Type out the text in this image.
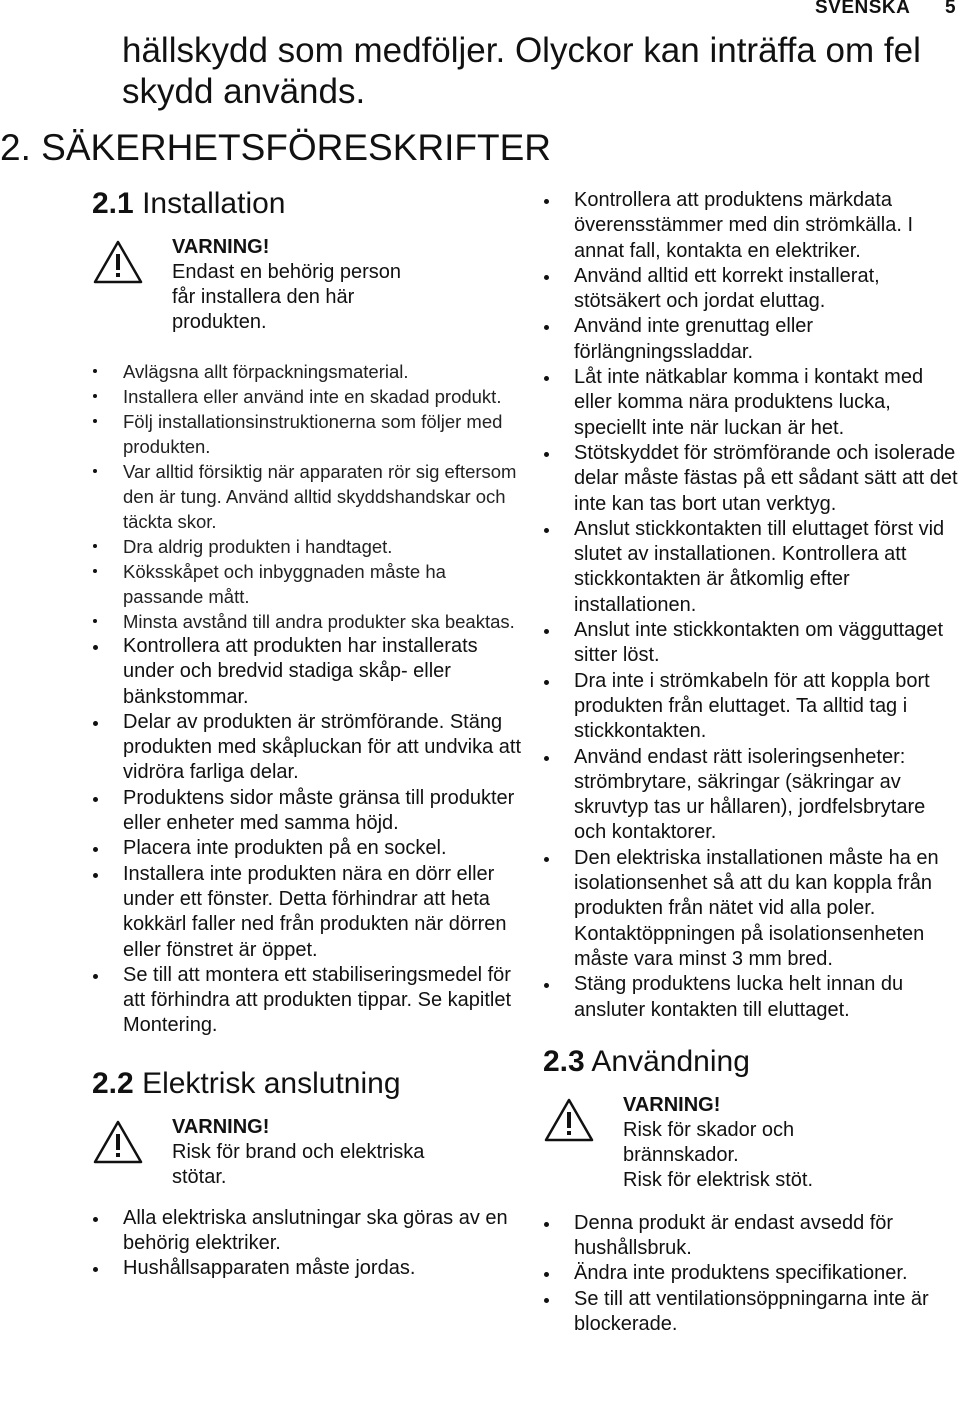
SVENSKA 5
hällskydd som medföljer. Olyckor kan inträffa om fel skydd används.
2. SÄKERHETSFÖRESKRIFTER
2.1 Installation
VARNING!
Endast en behörig person
får installera den här
produkten.
Avlägsna allt förpackningsmaterial.
Installera eller använd inte en skadad produkt.
Följ installationsinstruktionerna som följer med produkten.
Var alltid försiktig när apparaten rör sig eftersom den är tung. Använd alltid skyddshandskar och täckta skor.
Dra aldrig produkten i handtaget.
Köksskåpet och inbyggnaden måste ha passande mått.
Minsta avstånd till andra produkter ska beaktas.
Kontrollera att produkten har installerats under och bredvid stadiga skåp- eller bänkstommar.
Delar av produkten är strömförande. Stäng produkten med skåpluckan för att undvika att vidröra farliga delar.
Produktens sidor måste gränsa till produkter eller enheter med samma höjd.
Placera inte produkten på en sockel.
Installera inte produkten nära en dörr eller under ett fönster. Detta förhindrar att heta kokkärl faller ned från produkten när dörren eller fönstret är öppet.
Se till att montera ett stabiliseringsmedel för att förhindra att produkten tippar. Se kapitlet Montering.
2.2 Elektrisk anslutning
VARNING!
Risk för brand och elektriska
stötar.
Alla elektriska anslutningar ska göras av en behörig elektriker.
Hushållsapparaten måste jordas.
Kontrollera att produktens märkdata överensstämmer med din strömkälla. I annat fall, kontakta en elektriker.
Använd alltid ett korrekt installerat, stötsäkert och jordat eluttag.
Använd inte grenuttag eller förlängningssladdar.
Låt inte nätkablar komma i kontakt med eller komma nära produktens lucka, speciellt inte när luckan är het.
Stötskyddet för strömförande och isolerade delar måste fästas på ett sådant sätt att det inte kan tas bort utan verktyg.
Anslut stickkontakten till eluttaget först vid slutet av installationen. Kontrollera att stickkontakten är åtkomlig efter installationen.
Anslut inte stickkontakten om vägguttaget sitter löst.
Dra inte i strömkabeln för att koppla bort produkten från eluttaget. Ta alltid tag i stickkontakten.
Använd endast rätt isoleringsenheter: strömbrytare, säkringar (säkringar av skruvtyp tas ur hållaren), jordfelsbrytare och kontaktorer.
Den elektriska installationen måste ha en isolationsenhet så att du kan koppla från produkten från nätet vid alla poler. Kontaktöppningen på isolationsenheten måste vara minst 3 mm bred.
Stäng produktens lucka helt innan du ansluter kontakten till eluttaget.
2.3 Användning
VARNING!
Risk för skador och
brännskador.
Risk för elektrisk stöt.
Denna produkt är endast avsedd för hushållsbruk.
Ändra inte produktens specifikationer.
Se till att ventilationsöppningarna inte är blockerade.
